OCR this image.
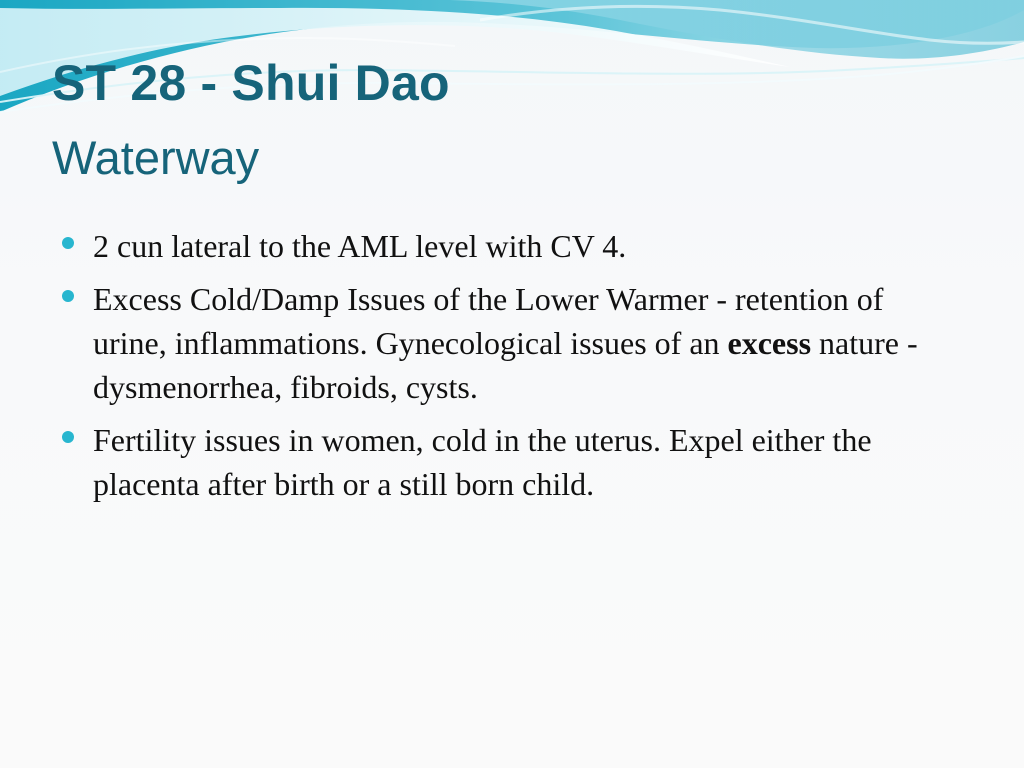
ST 28 - Shui Dao
Waterway
2 cun lateral to the AML level with CV 4.
Excess Cold/Damp Issues of the Lower Warmer - retention of urine, inflammations. Gynecological issues of an excess nature - dysmenorrhea, fibroids, cysts.
Fertility issues in women, cold in the uterus. Expel either the placenta after birth or a still born child.
